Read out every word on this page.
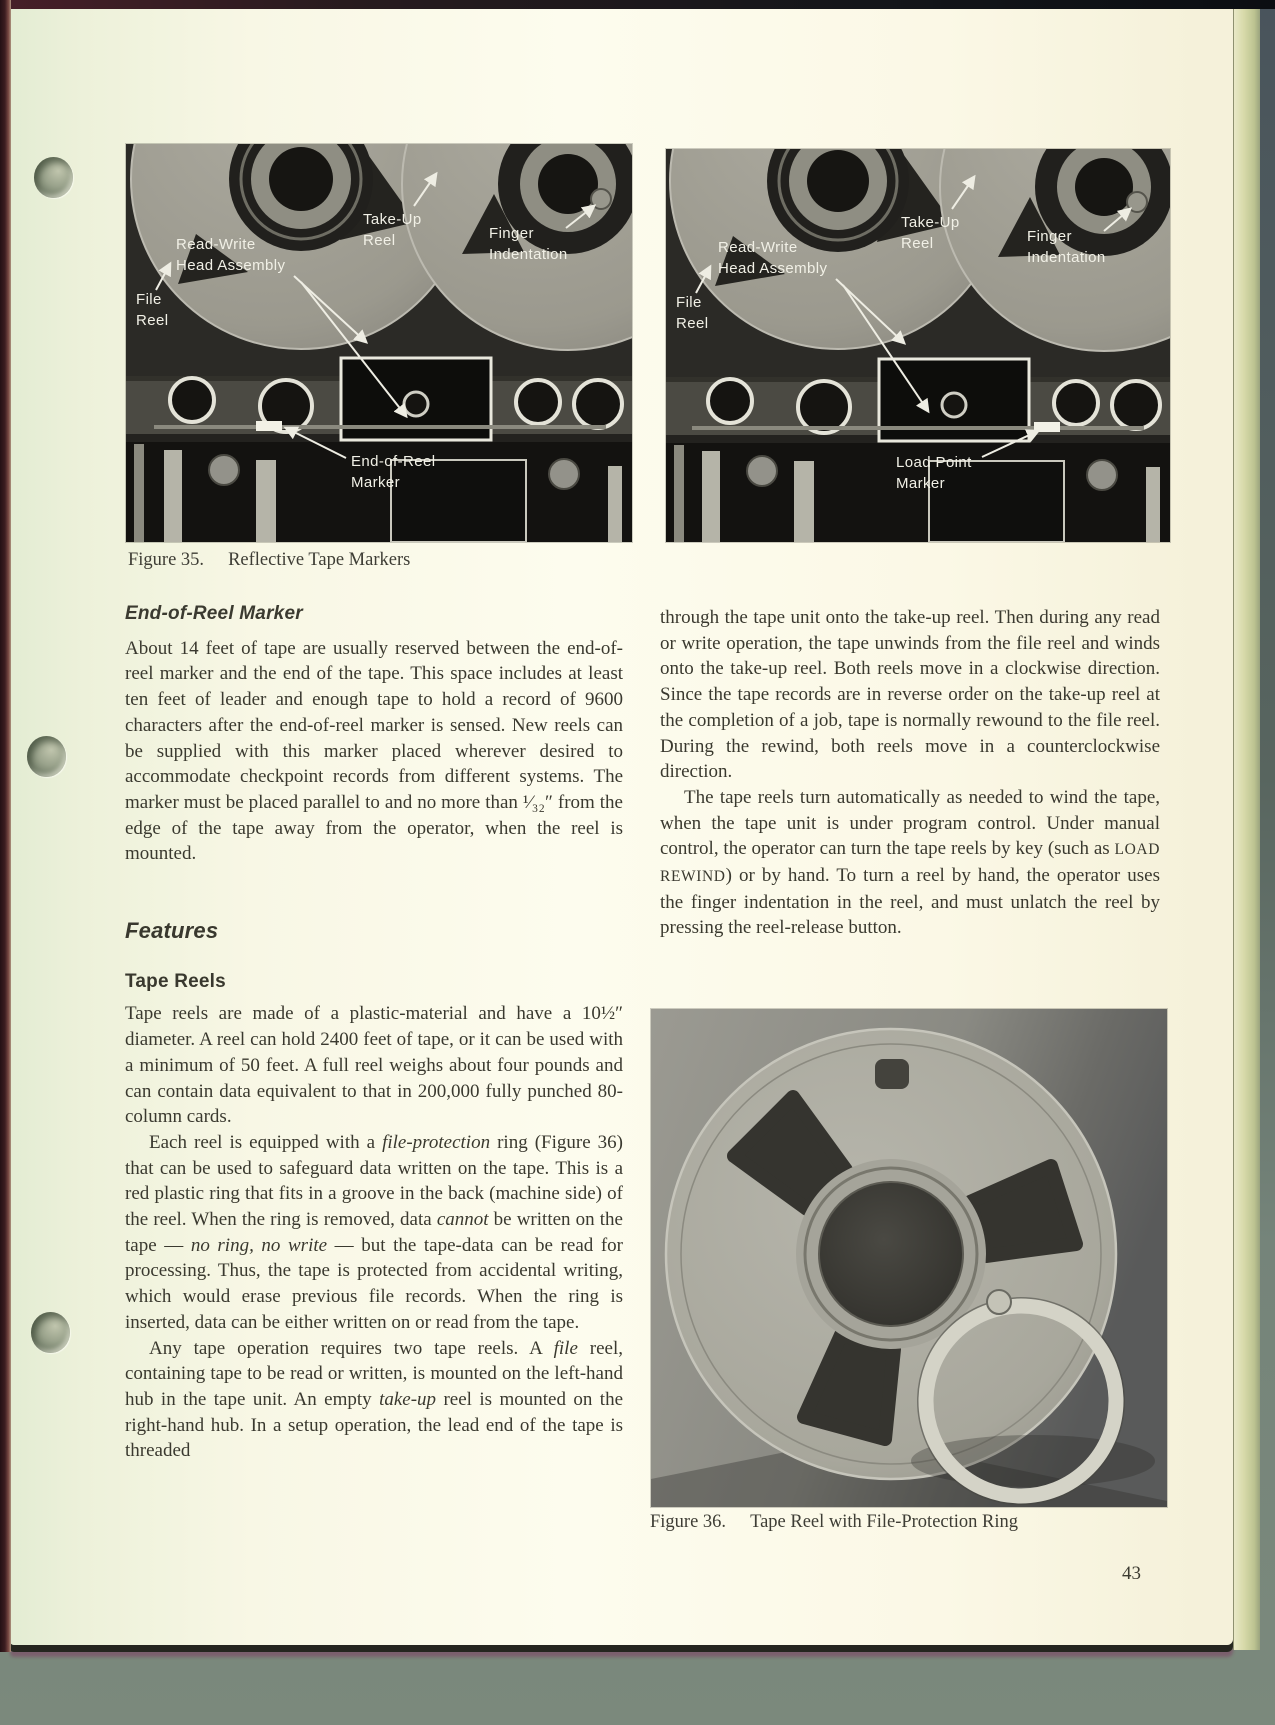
Read-Write
Head Assembly
Take-Up
Reel	Finger
Indentation
File
Reel
End-of-Reel
Marker
Read-Write
Head Assembly
Take-Up
Reel	Finger
Indentation
File
Reel
Load Point
Marker
Figure 35. Reflective Tape Markers
End-of-Reel Marker

About 14 feet of tape are usually reserved between the end-of-reel marker and the end of the tape. This space includes at least ten feet of leader and enough tape to hold a record of 9600 characters after the end-of-reel marker is sensed. New reels can be supplied with this marker placed wherever desired to accommodate checkpoint records from different systems. The marker must be placed parallel to and no more than ¹⁄₃₂″ from the edge of the tape away from the operator, when the reel is mounted.

Features
Tape Reels

Tape reels are made of a plastic-material and have a 10½″ diameter. A reel can hold 2400 feet of tape, or it can be used with a minimum of 50 feet. A full reel weighs about four pounds and can contain data equivalent to that in 200,000 fully punched 80-column cards.

Each reel is equipped with a file-protection ring (Figure 36) that can be used to safeguard data written on the tape. This is a red plastic ring that fits in a groove in the back (machine side) of the reel. When the ring is removed, data cannot be written on the tape — no ring, no write — but the tape-data can be read for processing. Thus, the tape is protected from accidental writing, which would erase previous file records. When the ring is inserted, data can be either written on or read from the tape.

Any tape operation requires two tape reels. A file reel, containing tape to be read or written, is mounted on the left-hand hub in the tape unit. An empty take-up reel is mounted on the right-hand hub. In a setup operation, the lead end of the tape is threaded

through the tape unit onto the take-up reel. Then during any read or write operation, the tape unwinds from the file reel and winds onto the take-up reel. Both reels move in a clockwise direction. Since the tape records are in reverse order on the take-up reel at the completion of a job, tape is normally rewound to the file reel. During the rewind, both reels move in a counterclockwise direction.

The tape reels turn automatically as needed to wind the tape, when the tape unit is under program control. Under manual control, the operator can turn the tape reels by key (such as LOAD REWIND) or by hand. To turn a reel by hand, the operator uses the finger indentation in the reel, and must unlatch the reel by pressing the reel-release button.

Figure 36. Tape Reel with File-Protection Ring
43
